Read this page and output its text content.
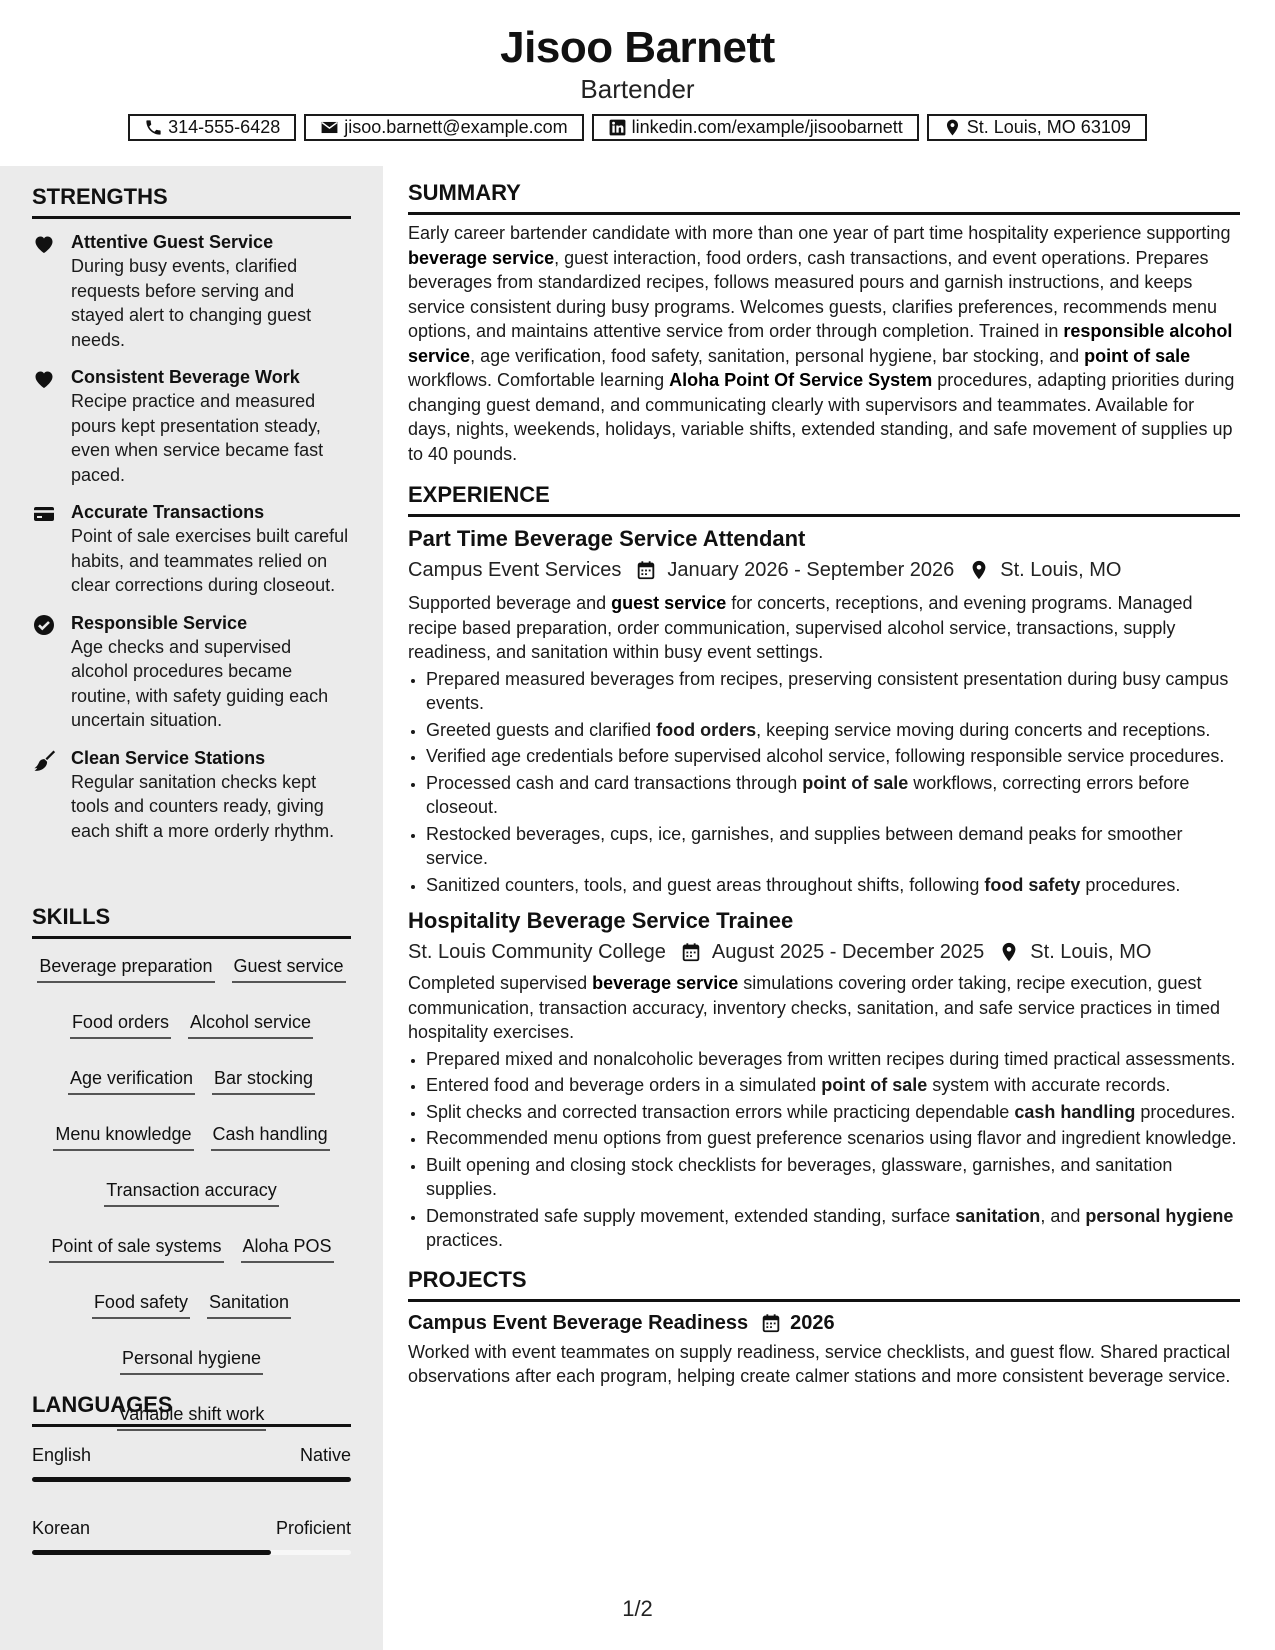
Jisoo Barnett
Bartender
314-555-6428	jisoo.barnett@example.com	linkedin.com/example/jisoobarnett	St. Louis, MO 63109
STRENGTHS
Attentive Guest Service
During busy events, clarified requests before serving and stayed alert to changing guest needs.
Consistent Beverage Work
Recipe practice and measured pours kept presentation steady, even when service became fast paced.
Accurate Transactions
Point of sale exercises built careful habits, and teammates relied on clear corrections during closeout.
Responsible Service
Age checks and supervised alcohol procedures became routine, with safety guiding each uncertain situation.
Clean Service Stations
Regular sanitation checks kept tools and counters ready, giving each shift a more orderly rhythm.
SKILLS
Beverage preparation Guest service
Food orders Alcohol service
Age verification Bar stocking
Menu knowledge Cash handling
Transaction accuracy
Point of sale systems Aloha POS
Food safety Sanitation
Personal hygiene
Variable shift work
LANGUAGES
English	Native
Korean	Proficient
SUMMARY
Early career bartender candidate with more than one year of part time hospitality experience supporting beverage service, guest interaction, food orders, cash transactions, and event operations. Prepares beverages from standardized recipes, follows measured pours and garnish instructions, and keeps service consistent during busy programs. Welcomes guests, clarifies preferences, recommends menu options, and maintains attentive service from order through completion. Trained in responsible alcohol service, age verification, food safety, sanitation, personal hygiene, bar stocking, and point of sale workflows. Comfortable learning Aloha Point Of Service System procedures, adapting priorities during changing guest demand, and communicating clearly with supervisors and teammates. Available for days, nights, weekends, holidays, variable shifts, extended standing, and safe movement of supplies up to 40 pounds.
EXPERIENCE
Part Time Beverage Service Attendant
Campus Event Services January 2026 - September 2026 St. Louis, MO
Supported beverage and guest service for concerts, receptions, and evening programs. Managed recipe based preparation, order communication, supervised alcohol service, transactions, supply readiness, and sanitation within busy event settings.
• Prepared measured beverages from recipes, preserving consistent presentation during busy campus events.
• Greeted guests and clarified food orders, keeping service moving during concerts and receptions.
• Verified age credentials before supervised alcohol service, following responsible service procedures.
• Processed cash and card transactions through point of sale workflows, correcting errors before closeout.
• Restocked beverages, cups, ice, garnishes, and supplies between demand peaks for smoother service.
• Sanitized counters, tools, and guest areas throughout shifts, following food safety procedures.
Hospitality Beverage Service Trainee
St. Louis Community College August 2025 - December 2025 St. Louis, MO
Completed supervised beverage service simulations covering order taking, recipe execution, guest communication, transaction accuracy, inventory checks, sanitation, and safe service practices in timed hospitality exercises.
• Prepared mixed and nonalcoholic beverages from written recipes during timed practical assessments.
• Entered food and beverage orders in a simulated point of sale system with accurate records.
• Split checks and corrected transaction errors while practicing dependable cash handling procedures.
• Recommended menu options from guest preference scenarios using flavor and ingredient knowledge.
• Built opening and closing stock checklists for beverages, glassware, garnishes, and sanitation supplies.
• Demonstrated safe supply movement, extended standing, surface sanitation, and personal hygiene practices.
PROJECTS
Campus Event Beverage Readiness 2026
Worked with event teammates on supply readiness, service checklists, and guest flow. Shared practical observations after each program, helping create calmer stations and more consistent beverage service.
1/2
